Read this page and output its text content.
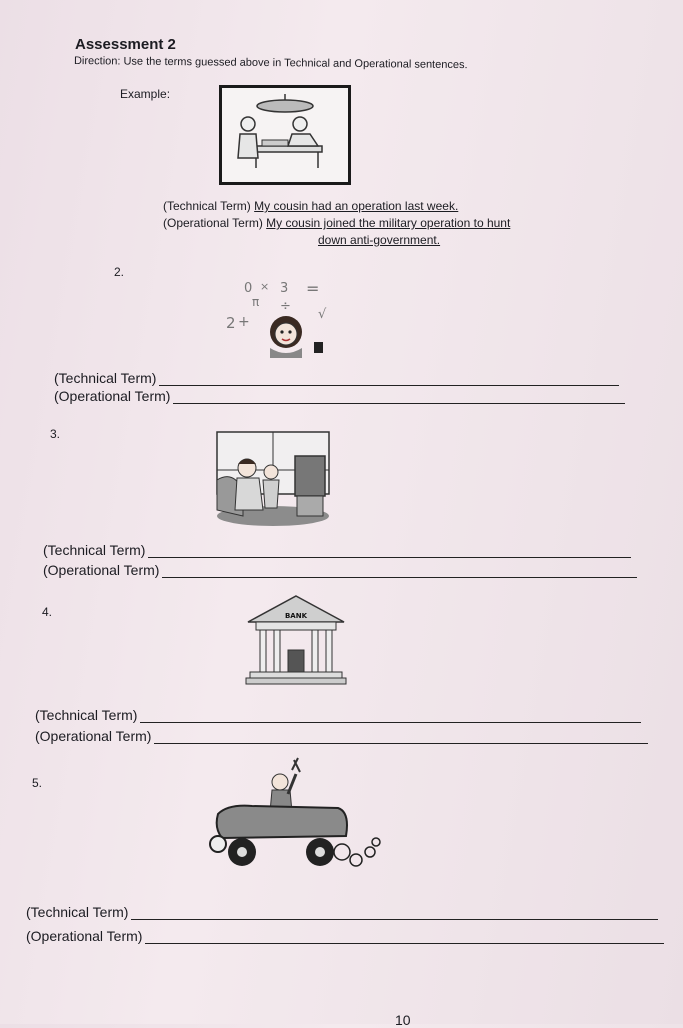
Assessment 2
Direction: Use the terms guessed above in Technical and Operational sentences.
Example:
(Technical Term) My cousin had an operation last week.
(Operational Term) My cousin joined the military operation to hunt
down anti-government.
2.
0 × 3 =
π ÷
2 +	√
(Technical Term)
(Operational Term)
3.
(Technical Term)
(Operational Term)
4.	BANK
(Technical Term)
(Operational Term)
5.
(Technical Term)
(Operational Term)
10
